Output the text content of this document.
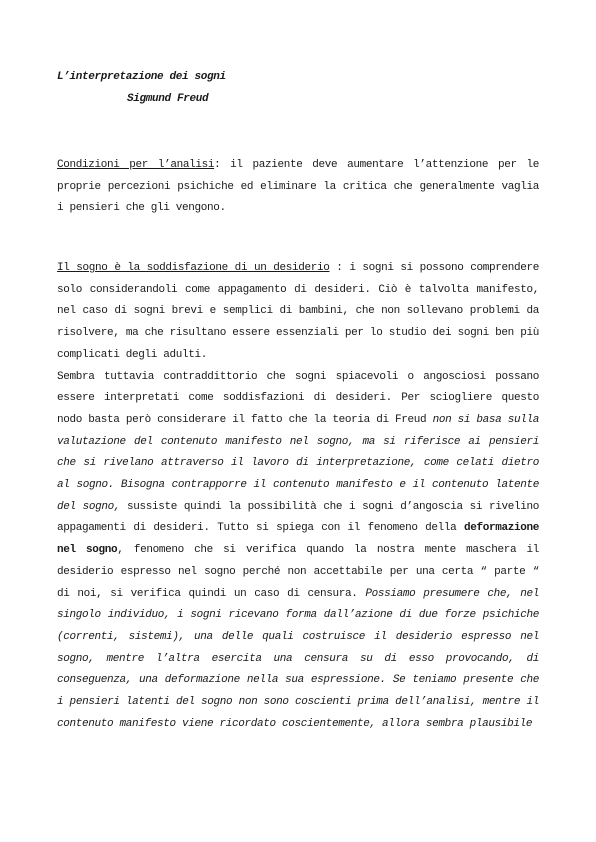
L’interpretazione dei sogni
Sigmund Freud

Condizioni per l’analisi: il paziente deve aumentare l’attenzione per le proprie percezioni psichiche ed eliminare la critica che generalmente vaglia i pensieri che gli vengono.

Il sogno è la soddisfazione di un desiderio : i sogni si possono comprendere solo considerandoli come appagamento di desideri. Ciò è talvolta manifesto, nel caso di sogni brevi e semplici di bambini, che non sollevano problemi da risolvere, ma che risultano essere essenziali per lo studio dei sogni ben più complicati degli adulti.

Sembra tuttavia contraddittorio che sogni spiacevoli o angosciosi possano essere interpretati come soddisfazioni di desideri. Per sciogliere questo nodo basta però considerare il fatto che la teoria di Freud non si basa sulla valutazione del contenuto manifesto nel sogno, ma si riferisce ai pensieri che si rivelano attraverso il lavoro di interpretazione, come celati dietro al sogno. Bisogna contrapporre il contenuto manifesto e il contenuto latente del sogno, sussiste quindi la possibilità che i sogni d’angoscia si rivelino appagamenti di desideri. Tutto si spiega con il fenomeno della deformazione nel sogno, fenomeno che si verifica quando la nostra mente maschera il desiderio espresso nel sogno perché non accettabile per una certa “ parte “ di noi, si verifica quindi un caso di censura. Possiamo presumere che, nel singolo individuo, i sogni ricevano forma dall’azione di due forze psichiche (correnti, sistemi), una delle quali costruisce il desiderio espresso nel sogno, mentre l’altra esercita una censura su di esso provocando, di conseguenza, una deformazione nella sua espressione. Se teniamo presente che i pensieri latenti del sogno non sono coscienti prima dell’analisi, mentre il contenuto manifesto viene ricordato coscientemente, allora sembra plausibile
